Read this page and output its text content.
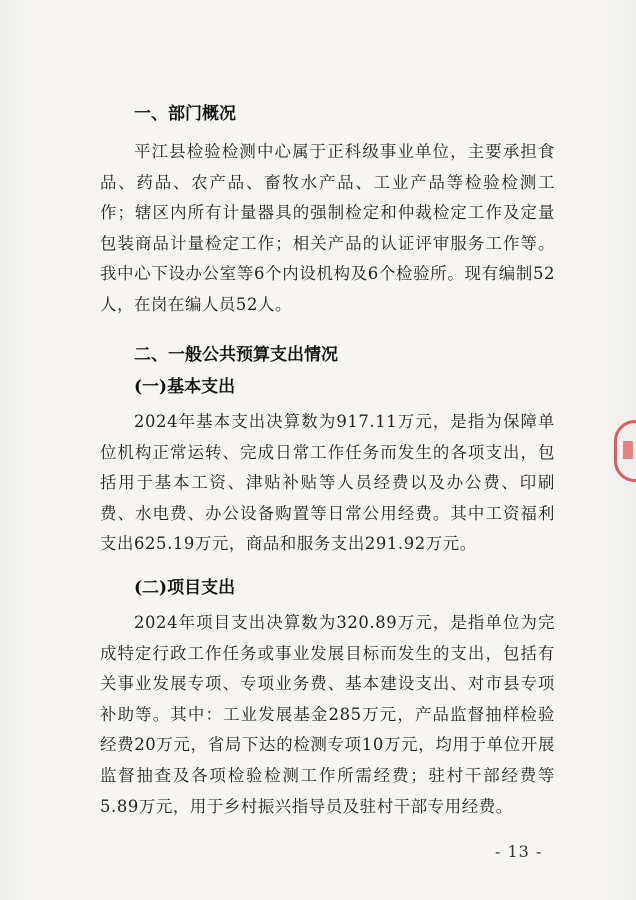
一、部门概况
平江县检验检测中心属于正科级事业单位，主要承担食品、药品、农产品、畜牧水产品、工业产品等检验检测工作；辖区内所有计量器具的强制检定和仲裁检定工作及定量包装商品计量检定工作；相关产品的认证评审服务工作等。我中心下设办公室等6个内设机构及6个检验所。现有编制52人，在岗在编人员52人。
二、一般公共预算支出情况
(一)基本支出
2024年基本支出决算数为917.11万元，是指为保障单位机构正常运转、完成日常工作任务而发生的各项支出，包括用于基本工资、津贴补贴等人员经费以及办公费、印刷费、水电费、办公设备购置等日常公用经费。其中工资福利支出625.19万元，商品和服务支出291.92万元。
(二)项目支出
2024年项目支出决算数为320.89万元，是指单位为完成特定行政工作任务或事业发展目标而发生的支出，包括有关事业发展专项、专项业务费、基本建设支出、对市县专项补助等。其中：工业发展基金285万元，产品监督抽样检验经费20万元，省局下达的检测专项10万元，均用于单位开展监督抽查及各项检验检测工作所需经费；驻村干部经费等5.89万元，用于乡村振兴指导员及驻村干部专用经费。
- 13 -
